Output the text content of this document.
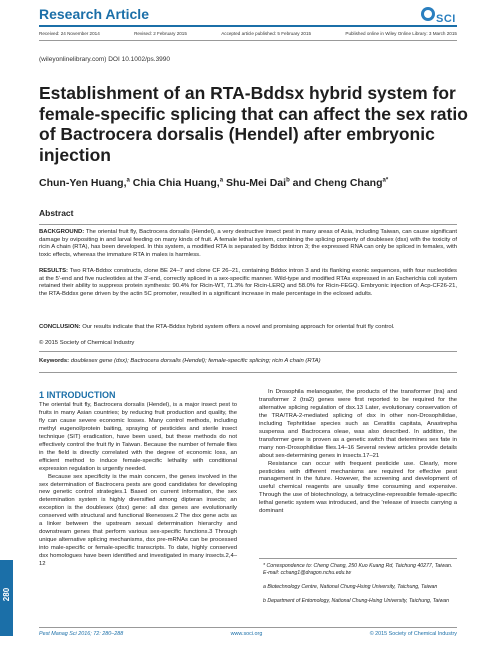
Research Article	SCI
Received: 24 November 2014	Revised: 2 February 2015	Accepted article published: 5 February 2015	Published online in Wiley Online Library: 3 March 2015
(wileyonlinelibrary.com) DOI 10.1002/ps.3990
Establishment of an RTA-Bddsx hybrid system for female-specific splicing that can affect the sex ratio of Bactrocera dorsalis (Hendel) after embryonic injection
Chun-Yen Huang,$^a$ Chia Chia Huang,$^a$ Shu-Mei Dai$^b$ and Cheng Chang$^{a*}$
Abstract
BACKGROUND: The oriental fruit fly, Bactrocera dorsalis (Hendel), a very destructive insect pest in many areas of Asia, including Taiwan, can cause significant damage by ovipositing in and larval feeding on many kinds of fruit. A female lethal system, combining the splicing property of doublesex (dsx) with the toxicity of ricin A chain (RTA), has been developed. In this system, a modified RTA is separated by Bddsx intron 3; the expressed RNA can only be spliced in females, with toxic effects, whereas the immature RTA in males is harmless.
RESULTS: Two RTA-Bddsx constructs, clone BE 24–7 and clone CF 26–21, containing Bddsx intron 3 and its flanking exonic sequences, with four nucleotides at the 5′-end and five nucleotides at the 3′-end, correctly spliced in a sex-specific manner. Wild-type and modified RTAs expressed in an Escherichia coli system retained their ability to suppress protein synthesis: 90.4% for Ricin-WT, 71.3% for Ricin-LERQ and 58.0% for Ricin-FEGQ. Embryonic injection of Acp-CF26-21, the RTA-Bddsx gene driven by the actin 5C promoter, resulted in a significant increase in male percentage in the eclosed adults.
CONCLUSION: Our results indicate that the RTA-Bddsx hybrid system offers a novel and promising approach for oriental fruit fly control.
© 2015 Society of Chemical Industry
Keywords: doublesex gene (dsx); Bactrocera dorsalis (Hendel); female-specific splicing; ricin A chain (RTA)
1 INTRODUCTION

The oriental fruit fly, Bactrocera dorsalis (Hendel), is a major insect pest to fruits in many Asian countries; by reducing fruit production and quality, the fly can cause severe economic losses. Many control methods, including methyl eugenol/protein baiting, spraying of pesticides and sterile insect technique (SIT) eradication, have been used, but these methods do not effectively control the fruit fly in Taiwan. Because the number of female flies in the field is directly correlated with the degree of economic loss, an efficient method to induce female-specific lethality with conditional expression regulation is urgently needed.

Because sex specificity is the main concern, the genes involved in the sex determination of Bactrocera pests are good candidates for developing new genetic control strategies.1 Based on current information, the sex determination system is highly diversified among dipteran insects; an exception is the doublesex (dsx) gene: all dsx genes are evolutionarily conserved with structural and functional likenesses.2 The dsx gene acts as a linker between the upstream sexual determination hierarchy and downstream genes that perform various sex-specific functions.3 Through unique alternative splicing mechanisms, dsx pre-mRNAs can be processed into male-specific or female-specific transcripts. To date, highly conserved dsx homologues have been identified and investigated in many insects.2,4–12

In Drosophila melanogaster, the products of the transformer (tra) and transformer 2 (tra2) genes were first reported to be required for the alternative splicing regulation of dsx.13 Later, evolutionary conservation of the TRA/TRA-2-mediated splicing of dsx in other non-Drosophilidae, including Tephritidae species such as Ceratitis capitata, Anastrepha suspensa and Bactrocera oleae, was also described. In addition, the transformer gene is proven as a genetic switch that determines sex fate in many non-Drosophilidae flies.14–16 Several review articles provide details about sex-determining genes in insects.17–21

Resistance can occur with frequent pesticide use. Clearly, more pesticides with different mechanisms are required for effective pest management in the future. However, the screening and development of useful chemical reagents are usually time consuming and expensive. Through the use of biotechnology, a tetracycline-repressible female-specific lethal genetic system was introduced, and the 'release of insects carrying a dominant

* Correspondence to: Cheng Chang, 250 Kuo Kuang Rd, Taichung 40277, Taiwan. E-mail: cchang1@dragon.nchu.edu.tw
a Biotechnology Centre, National Chung-Hsing University, Taichung, Taiwan
b Department of Entomology, National Chung-Hsing University, Taichung, Taiwan
280
Pest Manag Sci 2016; 72: 280–288	www.soci.org	© 2015 Society of Chemical Industry
